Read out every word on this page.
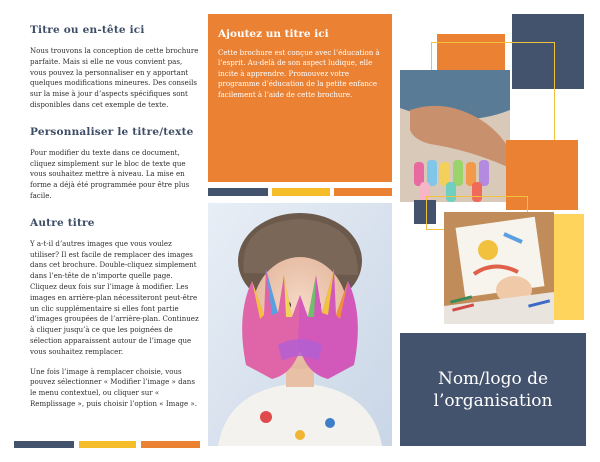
Titre ou en-tête ici
Nous trouvons la conception de cette brochure parfaite. Mais si elle ne vous convient pas, vous pouvez la personnaliser en y apportant quelques modifications mineures. Des conseils sur la mise à jour d’aspects spécifiques sont disponibles dans cet exemple de texte.
Personnaliser le titre/texte
Pour modifier du texte dans ce document, cliquez simplement sur le bloc de texte que vous souhaitez mettre à niveau. La mise en forme a déjà été programmée pour être plus facile.
Autre titre
Y a-t-il d’autres images que vous voulez utiliser? Il est facile de remplacer des images dans cet brochure. Double-cliquez simplement dans l’en-tête de n’importe quelle page. Cliquez deux fois sur l’image à modifier. Les images en arrière-plan nécessiteront peut-être un clic supplémentaire si elles font partie d’images groupées de l’arrière-plan. Continuez à cliquer jusqu’à ce que les poignées de sélection apparaissent autour de l’image que vous souhaitez remplacer.
Une fois l’image à remplacer choisie, vous pouvez sélectionner « Modifier l’image » dans le menu contextuel, ou cliquer sur « Remplissage », puis choisir l’option « Image ».
Ajoutez un titre ici
Cette brochure est conçue avec l’éducation à l’esprit. Au-delà de son aspect ludique, elle incite à apprendre. Promouvez votre programme d’éducation de la petite enfance facilement à l’aide de cette brochure.
Nom/logo de
l’organisation
